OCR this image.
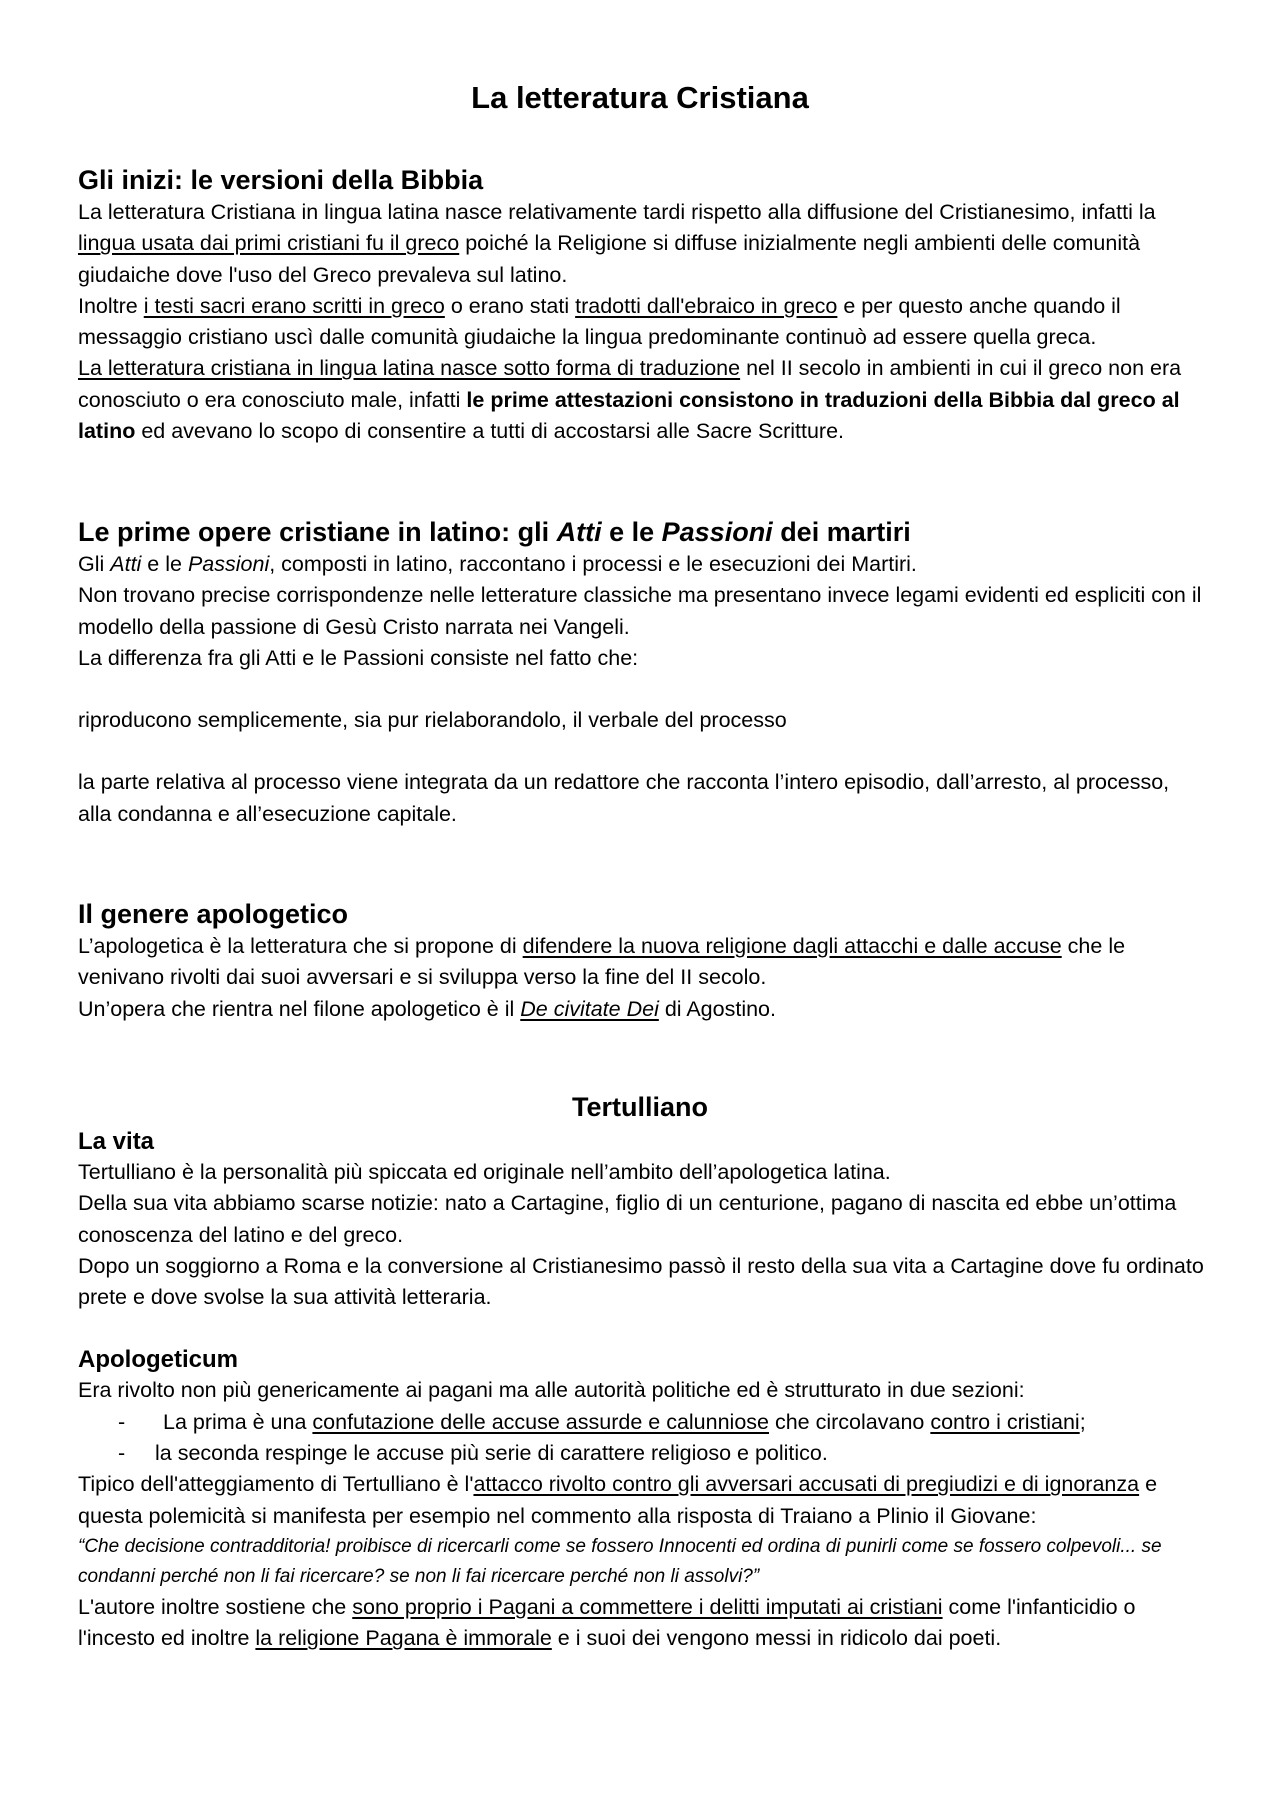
La letteratura Cristiana
Gli inizi: le versioni della Bibbia

La letteratura Cristiana in lingua latina nasce relativamente tardi rispetto alla diffusione del Cristianesimo, infatti la lingua usata dai primi cristiani fu il greco poiché la Religione si diffuse inizialmente negli ambienti delle comunità giudaiche dove l'uso del Greco prevaleva sul latino.

Inoltre i testi sacri erano scritti in greco o erano stati tradotti dall'ebraico in greco e per questo anche quando il messaggio cristiano uscì dalle comunità giudaiche la lingua predominante continuò ad essere quella greca.

La letteratura cristiana in lingua latina nasce sotto forma di traduzione nel II secolo in ambienti in cui il greco non era conosciuto o era conosciuto male, infatti le prime attestazioni consistono in traduzioni della Bibbia dal greco al latino ed avevano lo scopo di consentire a tutti di accostarsi alle Sacre Scritture.

Le prime opere cristiane in latino: gli Atti e le Passioni dei martiri

Gli Atti e le Passioni, composti in latino, raccontano i processi e le esecuzioni dei Martiri.

Non trovano precise corrispondenze nelle letterature classiche ma presentano invece legami evidenti ed espliciti con il modello della passione di Gesù Cristo narrata nei Vangeli.

La differenza fra gli Atti e le Passioni consiste nel fatto che:

riproducono semplicemente, sia pur rielaborandolo, il verbale del processo

la parte relativa al processo viene integrata da un redattore che racconta l’intero episodio, dall’arresto, al processo, alla condanna e all’esecuzione capitale.

Il genere apologetico

L’apologetica è la letteratura che si propone di difendere la nuova religione dagli attacchi e dalle accuse che le venivano rivolti dai suoi avversari e si sviluppa verso la fine del II secolo.

Un’opera che rientra nel filone apologetico è il De civitate Dei di Agostino.

Tertulliano
La vita

Tertulliano è la personalità più spiccata ed originale nell’ambito dell’apologetica latina.

Della sua vita abbiamo scarse notizie: nato a Cartagine, figlio di un centurione, pagano di nascita ed ebbe un’ottima conoscenza del latino e del greco.

Dopo un soggiorno a Roma e la conversione al Cristianesimo passò il resto della sua vita a Cartagine dove fu ordinato prete e dove svolse la sua attività letteraria.

Apologeticum

Era rivolto non più genericamente ai pagani ma alle autorità politiche ed è strutturato in due sezioni:

-	La prima è una confutazione delle accuse assurde e calunniose che circolavano contro i cristiani;
-	la seconda respinge le accuse più serie di carattere religioso e politico.

Tipico dell'atteggiamento di Tertulliano è l'attacco rivolto contro gli avversari accusati di pregiudizi e di ignoranza e questa polemicità si manifesta per esempio nel commento alla risposta di Traiano a Plinio il Giovane:

“Che decisione contradditoria! proibisce di ricercarli come se fossero Innocenti ed ordina di punirli come se fossero colpevoli... se condanni perché non li fai ricercare? se non li fai ricercare perché non li assolvi?”

L'autore inoltre sostiene che sono proprio i Pagani a commettere i delitti imputati ai cristiani come l'infanticidio o l'incesto ed inoltre la religione Pagana è immorale e i suoi dei vengono messi in ridicolo dai poeti.
